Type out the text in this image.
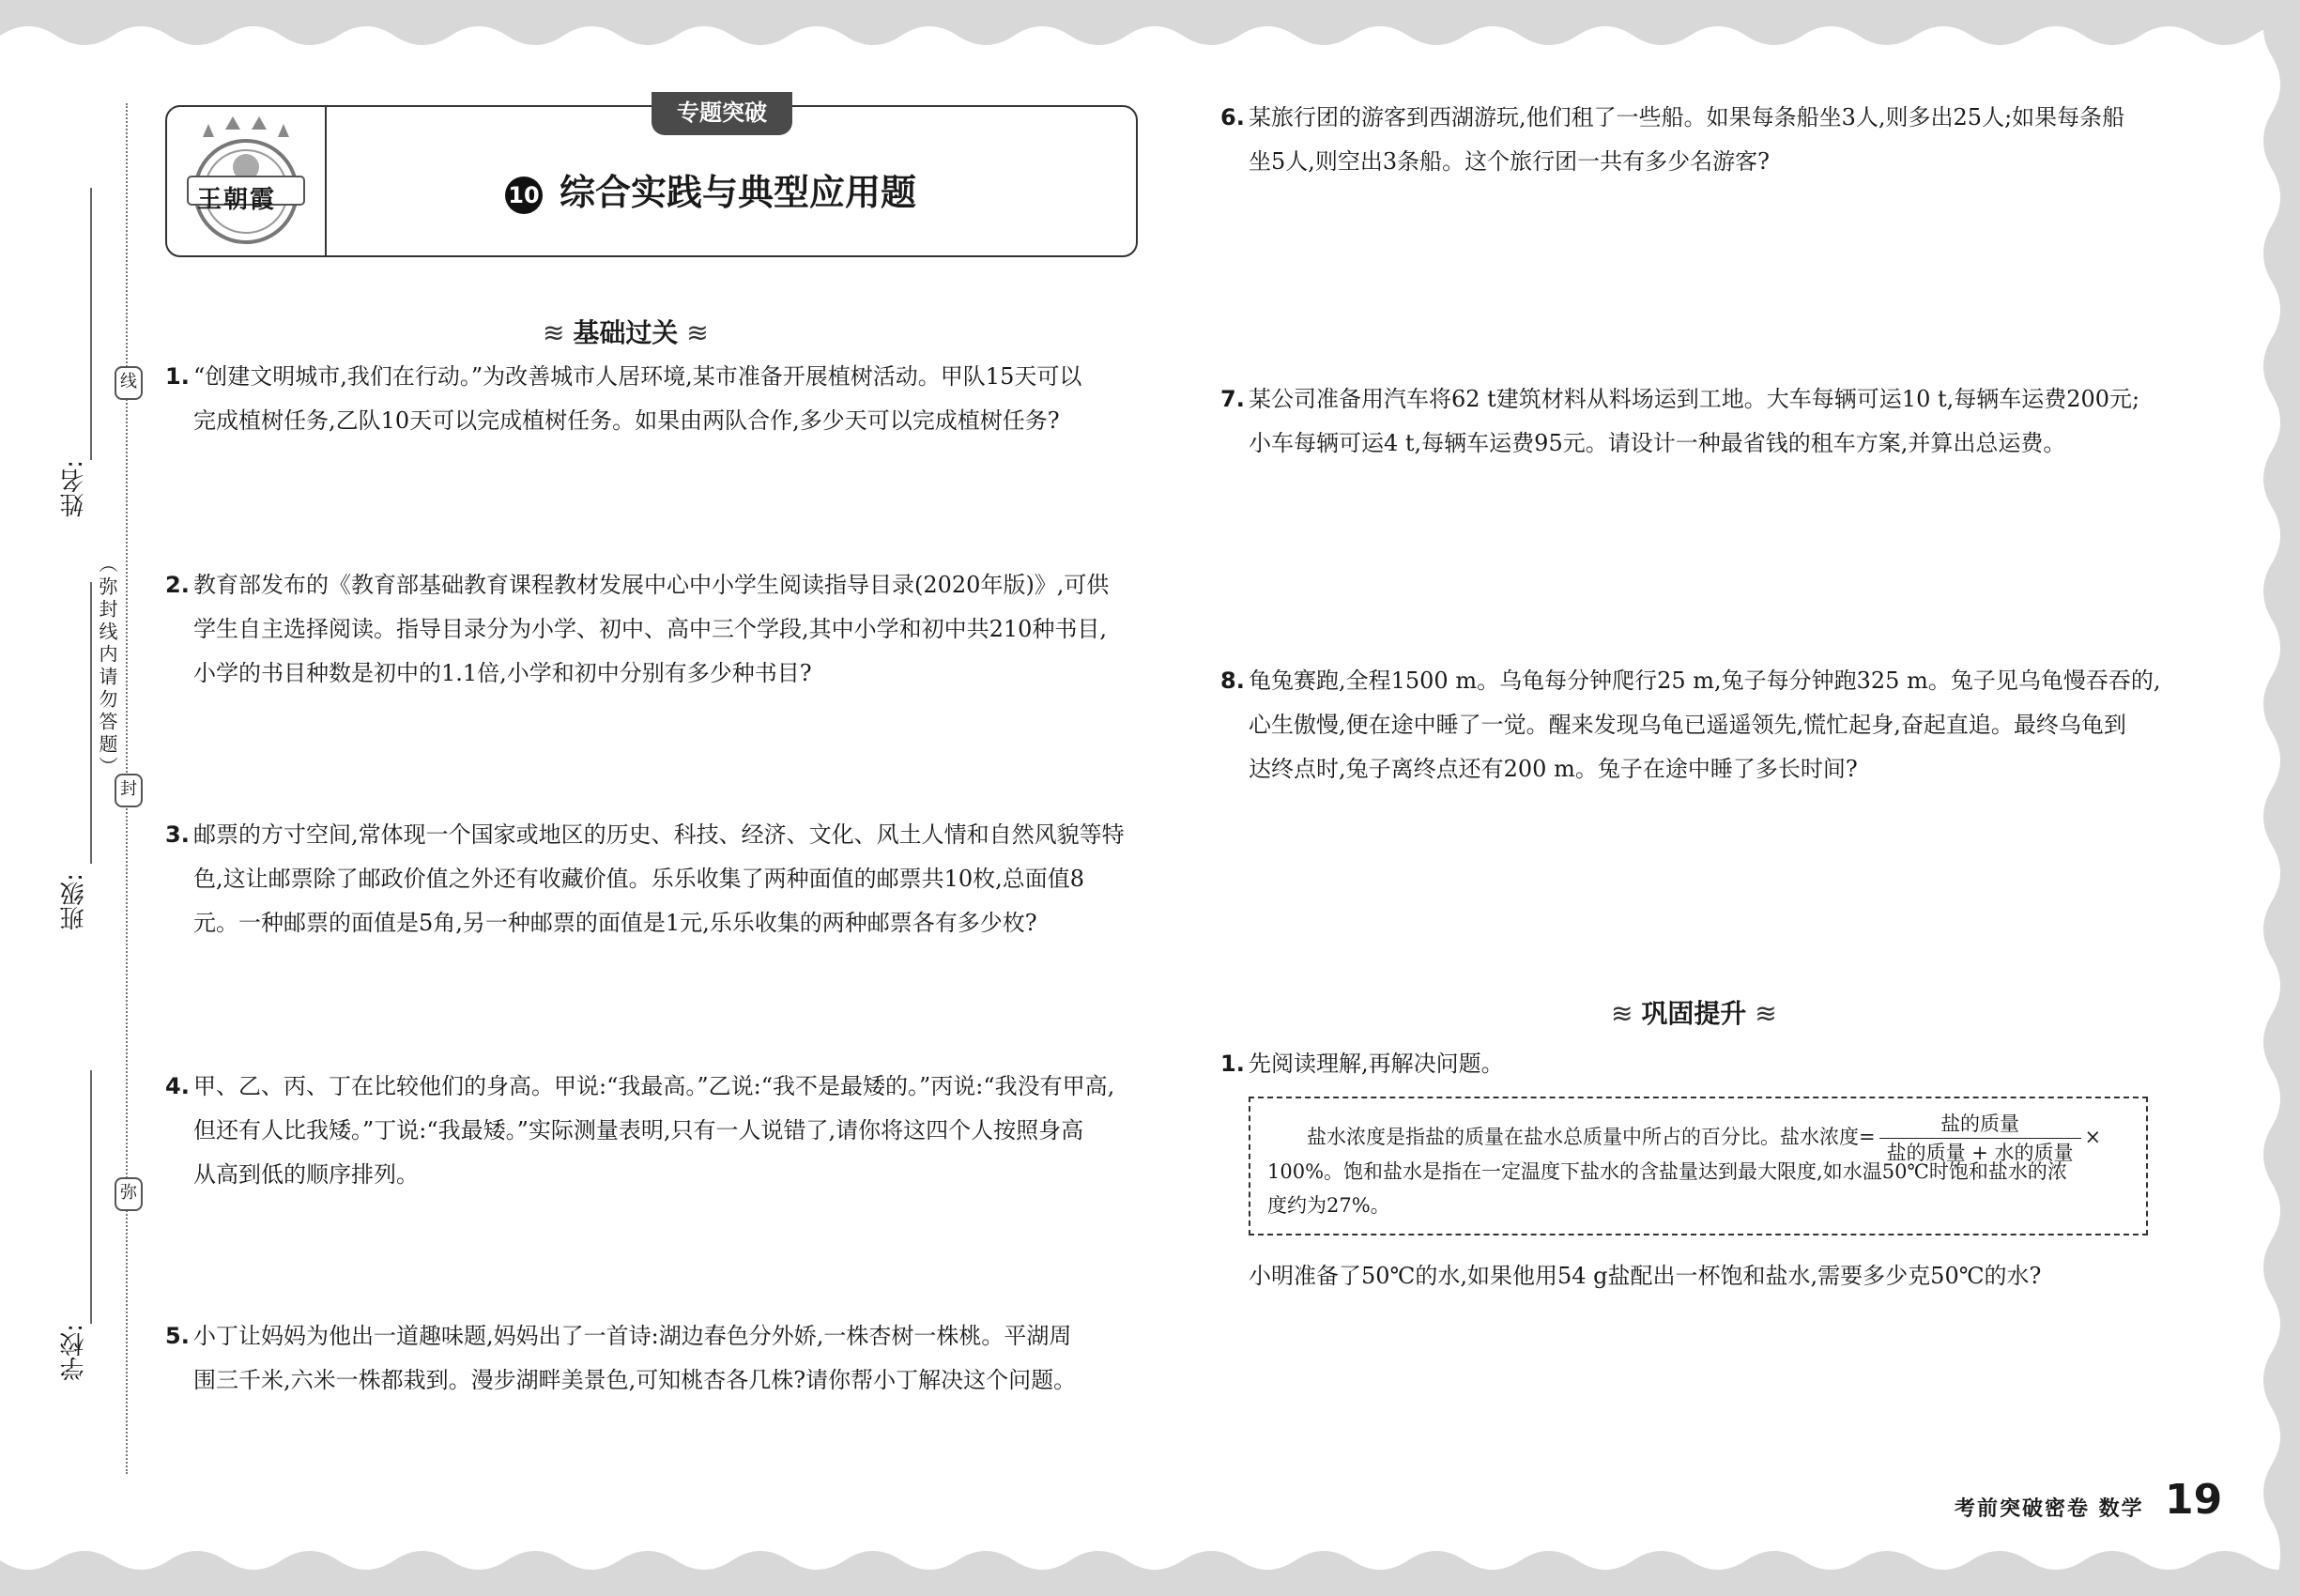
姓名:
班级:
学校:
线
封
弥
（弥封线内请勿答题）
王朝霞
专题突破
10 综合实践与典型应用题
≋ 基础过关 ≋
1. “创建文明城市,我们在行动。”为改善城市人居环境,某市准备开展植树活动。甲队15天可以
完成植树任务,乙队10天可以完成植树任务。如果由两队合作,多少天可以完成植树任务?
2. 教育部发布的《教育部基础教育课程教材发展中心中小学生阅读指导目录(2020年版)》,可供
学生自主选择阅读。指导目录分为小学、初中、高中三个学段,其中小学和初中共210种书目,
小学的书目种数是初中的1.1倍,小学和初中分别有多少种书目?
3. 邮票的方寸空间,常体现一个国家或地区的历史、科技、经济、文化、风土人情和自然风貌等特
色,这让邮票除了邮政价值之外还有收藏价值。乐乐收集了两种面值的邮票共10枚,总面值8
元。一种邮票的面值是5角,另一种邮票的面值是1元,乐乐收集的两种邮票各有多少枚?
4. 甲、乙、丙、丁在比较他们的身高。甲说:“我最高。”乙说:“我不是最矮的。”丙说:“我没有甲高,
但还有人比我矮。”丁说:“我最矮。”实际测量表明,只有一人说错了,请你将这四个人按照身高
从高到低的顺序排列。
5. 小丁让妈妈为他出一道趣味题,妈妈出了一首诗:湖边春色分外娇,一株杏树一株桃。平湖周
围三千米,六米一株都栽到。漫步湖畔美景色,可知桃杏各几株?请你帮小丁解决这个问题。
6. 某旅行团的游客到西湖游玩,他们租了一些船。如果每条船坐3人,则多出25人;如果每条船
坐5人,则空出3条船。这个旅行团一共有多少名游客?
7. 某公司准备用汽车将62 t建筑材料从料场运到工地。大车每辆可运10 t,每辆车运费200元;
小车每辆可运4 t,每辆车运费95元。请设计一种最省钱的租车方案,并算出总运费。
8. 龟兔赛跑,全程1500 m。乌龟每分钟爬行25 m,兔子每分钟跑325 m。兔子见乌龟慢吞吞的,
心生傲慢,便在途中睡了一觉。醒来发现乌龟已遥遥领先,慌忙起身,奋起直追。最终乌龟到
达终点时,兔子离终点还有200 m。兔子在途中睡了多长时间?
≋ 巩固提升 ≋
1. 先阅读理解,再解决问题。
盐水浓度是指盐的质量在盐水总质量中所占的百分比。盐水浓度= $\frac{\text{盐的质量}}{\text{盐的质量 + 水的质量}}$ ×
100%。饱和盐水是指在一定温度下盐水的含盐量达到最大限度,如水温50℃时饱和盐水的浓
度约为27%。
小明准备了50℃的水,如果他用54 g盐配出一杯饱和盐水,需要多少克50℃的水?
考前突破密卷 数学 19
